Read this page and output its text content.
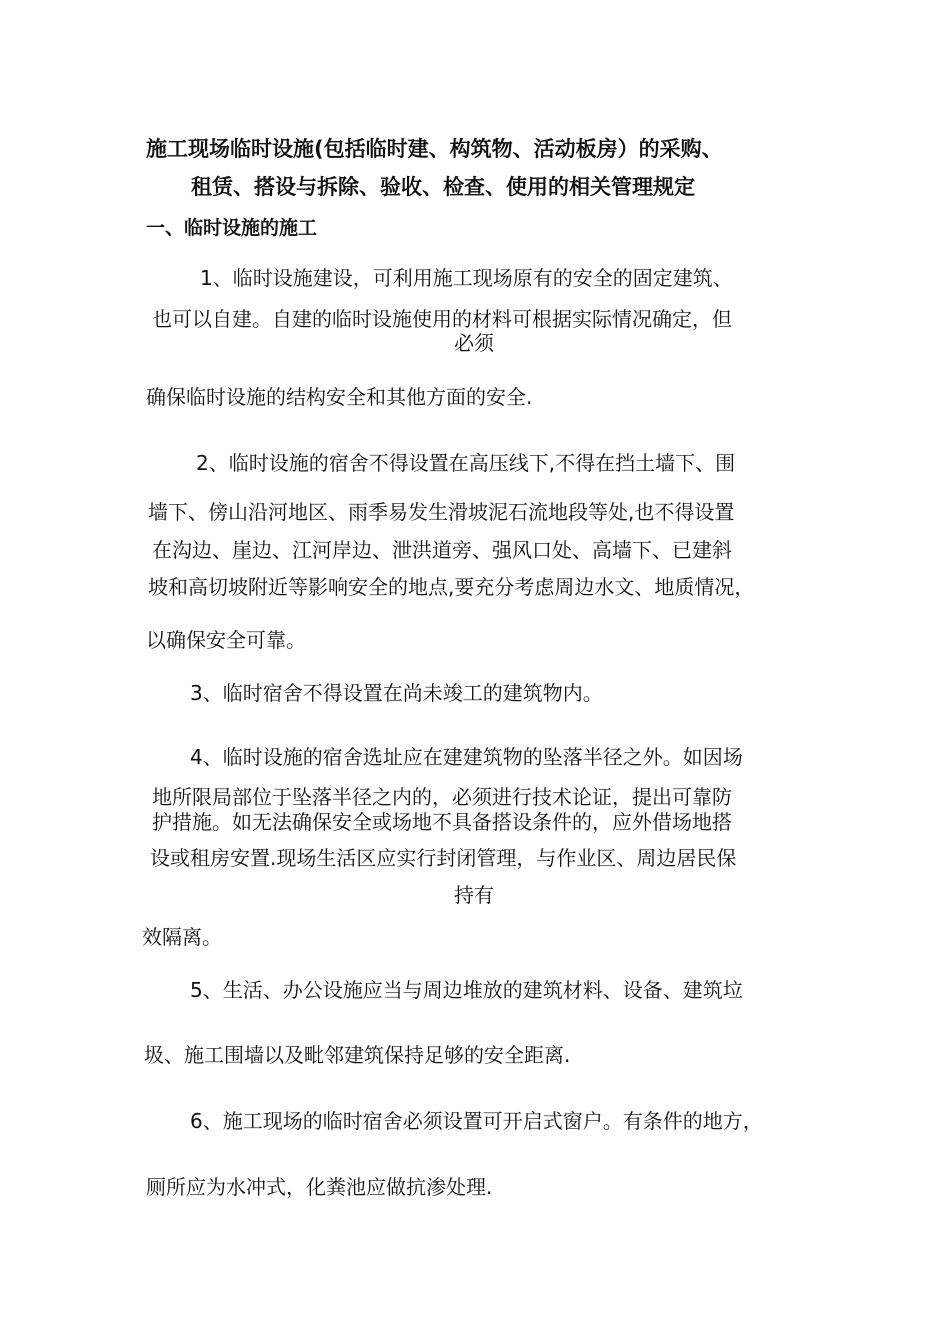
施工现场临时设施(包括临时建、构筑物、活动板房）的采购、
租赁、搭设与拆除、验收、检查、使用的相关管理规定
一、临时设施的施工
1、临时设施建设，可利用施工现场原有的安全的固定建筑、
也可以自建。自建的临时设施使用的材料可根据实际情况确定，但
必须
确保临时设施的结构安全和其他方面的安全.
2、临时设施的宿舍不得设置在高压线下,不得在挡土墙下、围
墙下、傍山沿河地区、雨季易发生滑坡泥石流地段等处,也不得设置
在沟边、崖边、江河岸边、泄洪道旁、强风口处、高墙下、已建斜
坡和高切坡附近等影响安全的地点,要充分考虑周边水文、地质情况，
以确保安全可靠。
3、临时宿舍不得设置在尚未竣工的建筑物内。
4、临时设施的宿舍选址应在建建筑物的坠落半径之外。如因场
地所限局部位于坠落半径之内的，必须进行技术论证，提出可靠防
护措施。如无法确保安全或场地不具备搭设条件的，应外借场地搭
设或租房安置.现场生活区应实行封闭管理，与作业区、周边居民保
持有
效隔离。
5、生活、办公设施应当与周边堆放的建筑材料、设备、建筑垃
圾、施工围墙以及毗邻建筑保持足够的安全距离.
6、施工现场的临时宿舍必须设置可开启式窗户。有条件的地方，
厕所应为水冲式，化粪池应做抗渗处理.
